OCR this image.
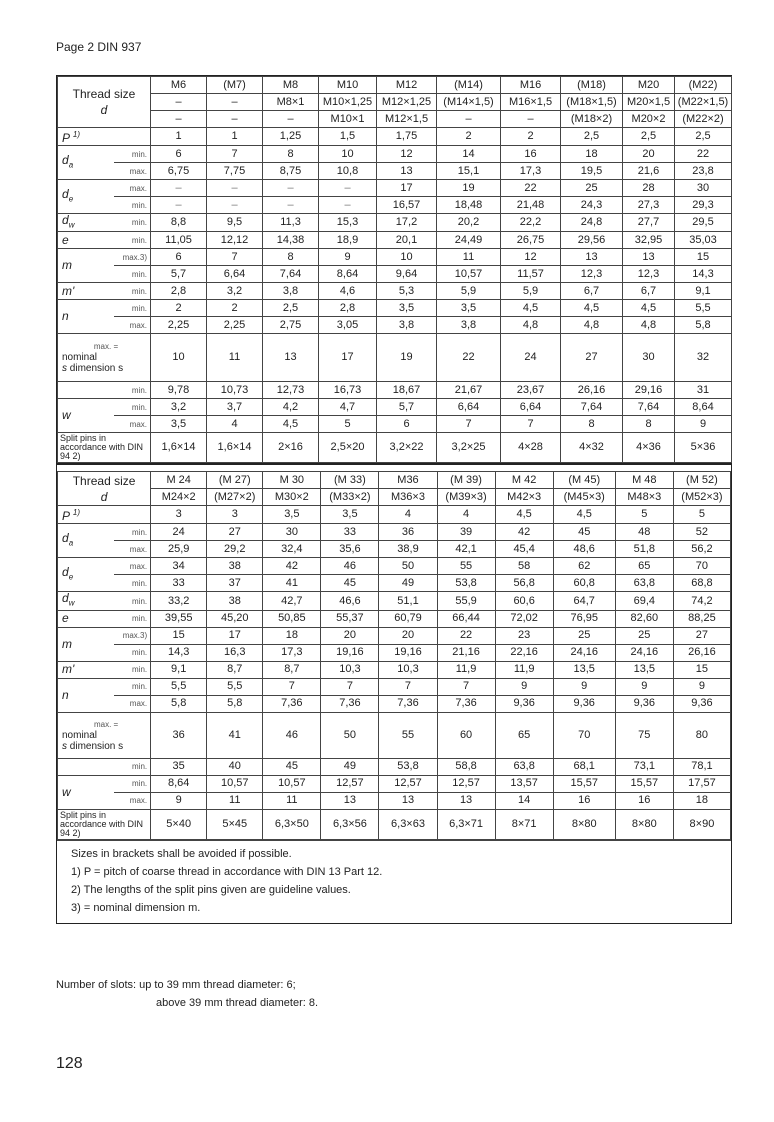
Page 2 DIN 937
Thread size
d		M6	(M7)	M8	M10	M12	(M14)	M16	(M18)	M20	(M22)
		–	–	M8×1	M10×1,25	M12×1,25	(M14×1,5)	M16×1,5	(M18×1,5)	M20×1,5	(M22×1,5)
		–	–	–	M10×1	M12×1,5	–	–	(M18×2)	M20×2	(M22×2)
P $^{1)}$		1	1	1,25	1,5	1,75	2	2	2,5	2,5	2,5
$d_a$	min.	6	7	8	10	12	14	16	18	20	22
	max.	6,75	7,75	8,75	10,8	13	15,1	17,3	19,5	21,6	23,8
$d_e$	max.	–	–	–	–	17	19	22	25	28	30
	min.	–	–	–	–	16,57	18,48	21,48	24,3	27,3	29,3
$d_w$	min.	8,8	9,5	11,3	15,3	17,2	20,2	22,2	24,8	27,7	29,5
e	min.	11,05	12,12	14,38	18,9	20,1	24,49	26,75	29,56	32,95	35,03
m	max.3)	6	7	8	9	10	11	12	13	13	15
	min.	5,7	6,64	7,64	8,64	9,64	10,57	11,57	12,3	12,3	14,3
m'	min.	2,8	3,2	3,8	4,6	5,3	5,9	5,9	6,7	6,7	9,1
n	min.	2	2	2,5	2,8	3,5	3,5	4,5	4,5	4,5	5,5
	max.	2,25	2,25	2,75	3,05	3,8	3,8	4,8	4,8	4,8	5,8

max. =
nominal
s dimension s		10	11	13	17	19	22	24	27	30	32
	min.	9,78	10,73	12,73	16,73	18,67	21,67	23,67	26,16	29,16	31
w	min.	3,2	3,7	4,2	4,7	5,7	6,64	6,64	7,64	7,64	8,64
	max.	3,5	4	4,5	5	6	7	7	8	8	9
Split pins in accordance with DIN 94 2)		1,6×14	1,6×14	2×16	2,5×20	3,2×22	3,2×25	4×28	4×32	4×36	5×36
Thread size
d		M 24	(M 27)	M 30	(M 33)	M36	(M 39)	M 42	(M 45)	M 48	(M 52)
		M24×2	(M27×2)	M30×2	(M33×2)	M36×3	(M39×3)	M42×3	(M45×3)	M48×3	(M52×3)
P $^{1)}$		3	3	3,5	3,5	4	4	4,5	4,5	5	5
$d_a$	min.	24	27	30	33	36	39	42	45	48	52
	max.	25,9	29,2	32,4	35,6	38,9	42,1	45,4	48,6	51,8	56,2
$d_e$	max.	34	38	42	46	50	55	58	62	65	70
	min.	33	37	41	45	49	53,8	56,8	60,8	63,8	68,8
$d_w$	min.	33,2	38	42,7	46,6	51,1	55,9	60,6	64,7	69,4	74,2
e	min.	39,55	45,20	50,85	55,37	60,79	66,44	72,02	76,95	82,60	88,25
m	max.3)	15	17	18	20	20	22	23	25	25	27
	min.	14,3	16,3	17,3	19,16	19,16	21,16	22,16	24,16	24,16	26,16
m'	min.	9,1	8,7	8,7	10,3	10,3	11,9	11,9	13,5	13,5	15
n	min.	5,5	5,5	7	7	7	7	9	9	9	9
	max.	5,8	5,8	7,36	7,36	7,36	7,36	9,36	9,36	9,36	9,36

max. =
nominal
s dimension s		36	41	46	50	55	60	65	70	75	80
	min.	35	40	45	49	53,8	58,8	63,8	68,1	73,1	78,1
w	min.	8,64	10,57	10,57	12,57	12,57	12,57	13,57	15,57	15,57	17,57
	max.	9	11	11	13	13	13	14	16	16	18
Split pins in accordance with DIN 94 2)		5×40	5×45	6,3×50	6,3×56	6,3×63	6,3×71	8×71	8×80	8×80	8×90
Sizes in brackets shall be avoided if possible.
1) P = pitch of coarse thread in accordance with DIN 13 Part 12.
2) The lengths of the split pins given are guideline values.
3) = nominal dimension m.
Number of slots: up to 39 mm thread diameter: 6;
above 39 mm thread diameter: 8.
128
